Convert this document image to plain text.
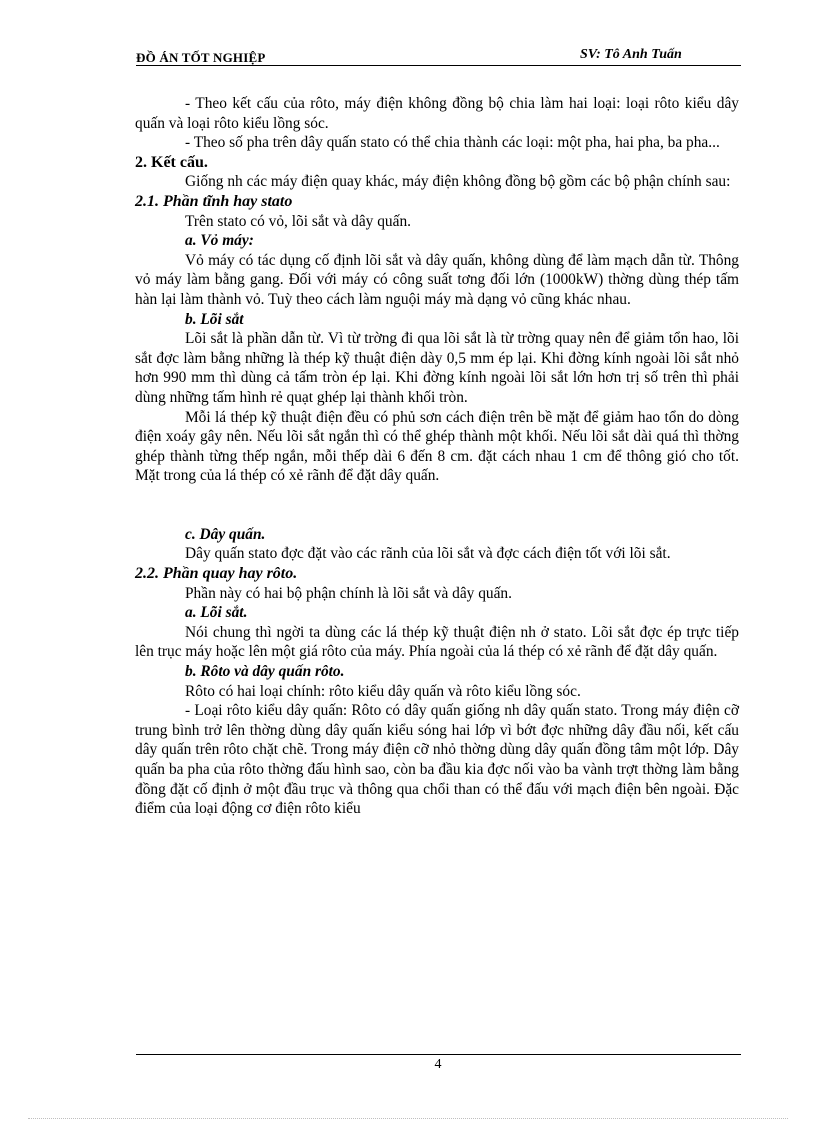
ĐỒ ÁN TỐT NGHIỆP	SV: Tô Anh Tuấn

- Theo kết cấu của rôto, máy điện không đồng bộ chia làm hai loại: loại rôto kiểu dây quấn và loại rôto kiểu lồng sóc.

- Theo số pha trên dây quấn stato có thể chia thành các loại: một pha, hai pha, ba pha...

2. Kết cấu.

Giống nh các máy điện quay khác, máy điện không đồng bộ gồm các bộ phận chính sau:

2.1. Phần tĩnh hay stato

Trên stato có vỏ, lõi sắt và dây quấn.

a. Vỏ máy:

Vỏ máy có tác dụng cố định lõi sắt và dây quấn, không dùng để làm mạch dẫn từ. Thông vỏ máy làm bằng gang. Đối với máy có công suất tơng đối lớn (1000kW) thờng dùng thép tấm hàn lại làm thành vỏ. Tuỳ theo cách làm nguội máy mà dạng vỏ cũng khác nhau.

b. Lõi sắt

Lõi sắt là phần dẫn từ. Vì từ trờng đi qua lõi sắt là từ trờng quay nên để giảm tổn hao, lõi sắt đợc làm bằng những là thép kỹ thuật điện dày 0,5 mm ép lại. Khi đờng kính ngoài lõi sắt nhỏ hơn 990 mm thì dùng cả tấm tròn ép lại. Khi đờng kính ngoài lõi sắt lớn hơn trị số trên thì phải dùng những tấm hình rẻ quạt ghép lại thành khối tròn.

Mỗi lá thép kỹ thuật điện đều có phủ sơn cách điện trên bề mặt để giảm hao tổn do dòng điện xoáy gây nên. Nếu lõi sắt ngắn thì có thể ghép thành một khối. Nếu lõi sắt dài quá thì thờng ghép thành từng thếp ngắn, mỗi thếp dài 6 đến 8 cm. đặt cách nhau 1 cm để thông gió cho tốt. Mặt trong của lá thép có xẻ rãnh để đặt dây quấn.

c. Dây quấn.

Dây quấn stato đợc đặt vào các rãnh của lõi sắt và đợc cách điện tốt với lõi sắt.

2.2. Phần quay hay rôto.

Phần này có hai bộ phận chính là lõi sắt và dây quấn.

a. Lõi sắt.

Nói chung thì ngời ta dùng các lá thép kỹ thuật điện nh ở stato. Lõi sắt đợc ép trực tiếp lên trục máy hoặc lên một giá rôto của máy. Phía ngoài của lá thép có xẻ rãnh để đặt dây quấn.

b. Rôto và dây quấn rôto.

Rôto có hai loại chính: rôto kiểu dây quấn và rôto kiểu lồng sóc.

- Loại rôto kiểu dây quấn: Rôto có dây quấn giống nh dây quấn stato. Trong máy điện cỡ trung bình trở lên thờng dùng dây quấn kiểu sóng hai lớp vì bớt đợc những dây đầu nối, kết cấu dây quấn trên rôto chặt chẽ. Trong máy điện cỡ nhỏ thờng dùng dây quấn đồng tâm một lớp. Dây quấn ba pha của rôto thờng đấu hình sao, còn ba đầu kia đợc nối vào ba vành trợt thờng làm bằng đồng đặt cố định ở một đầu trục và thông qua chổi than có thể đấu với mạch điện bên ngoài. Đặc điểm của loại động cơ điện rôto kiểu

4
